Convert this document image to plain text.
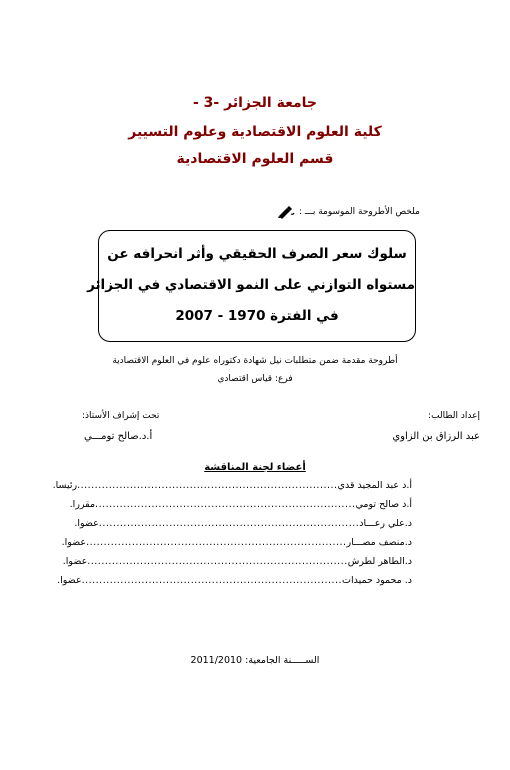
جامعة الجزائر -3 -
كلية العلوم الاقتصادية وعلوم التسيير
قسم العلوم الاقتصادية
ملخص الأطروحة الموسومة بـــ :
سلوك سعر الصرف الحقيقي وأثر انحرافه عن
مستواه التوازني على النمو الاقتصادي في الجزائر
في الفترة 1970 - 2007
أطروحة مقدمة ضمن متطلبات نيل شهادة دكتوراه علوم في العلوم الاقتصادية
فرع: قياس اقتصادي
إعداد الطالب:
عبد الرزاق بن الزاوي
تحت إشراف الأستاذ:
أ.د.صالح تومـــي
أعضاء لجنة المناقشة
أ.د عبد المجيد قدي
..........................................................................
رئيسا.
أ.د صالح تومي
..........................................................................
مقررا.
د.علي رعـــاد
..........................................................................
عضوا.
د.منصف مصـــار
..........................................................................
عضوا.
د.الطاهر لطرش
..........................................................................
عضوا.
د. محمود حميدات
..........................................................................
عضوا.
الســـــنة الجامعية: 2011/2010
